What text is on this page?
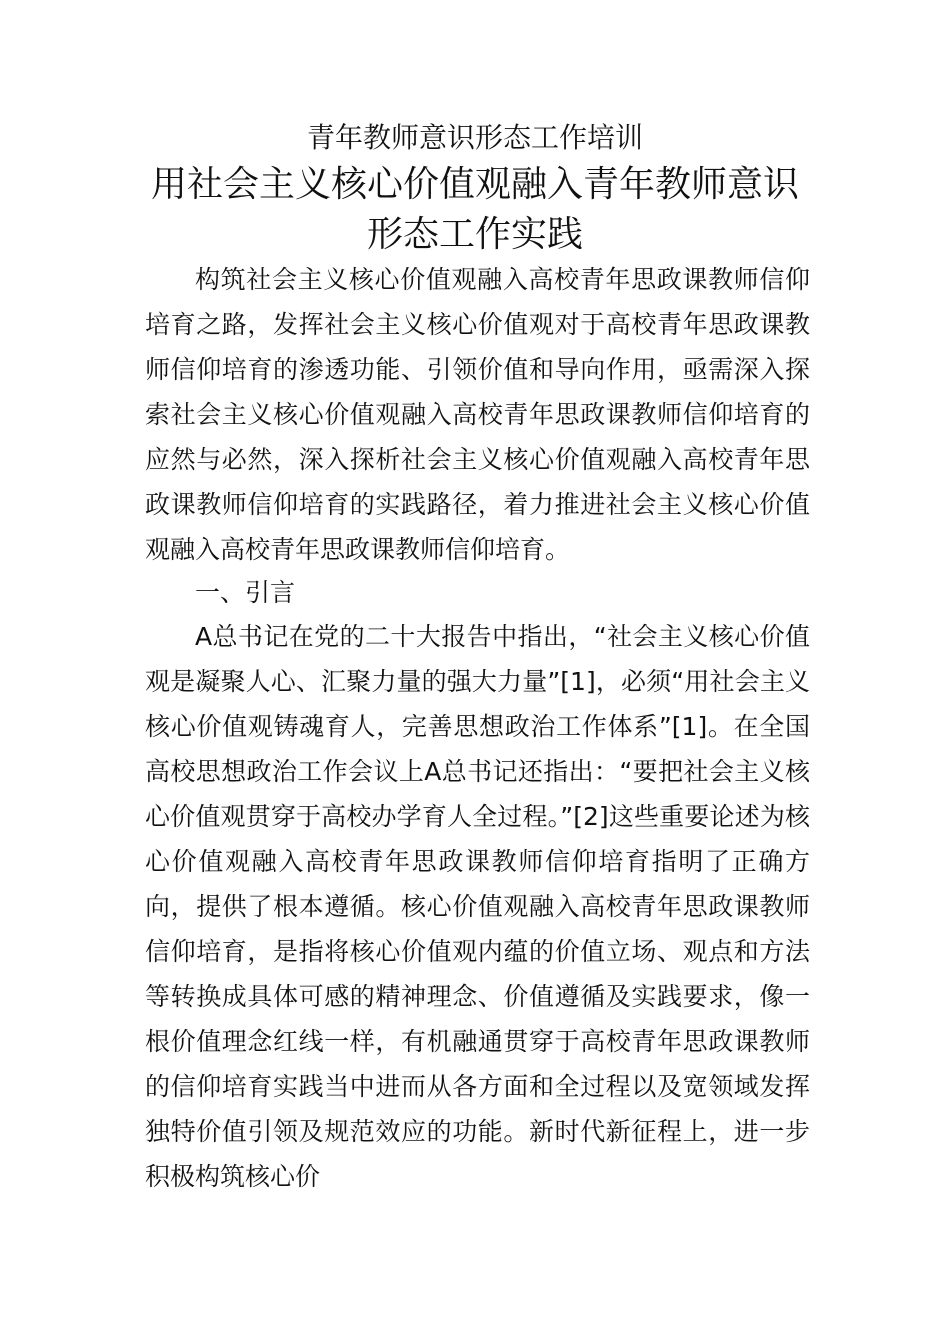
青年教师意识形态工作培训
用社会主义核心价值观融入青年教师意识形态工作实践

构筑社会主义核心价值观融入高校青年思政课教师信仰培育之路，发挥社会主义核心价值观对于高校青年思政课教师信仰培育的渗透功能、引领价值和导向作用，亟需深入探索社会主义核心价值观融入高校青年思政课教师信仰培育的应然与必然，深入探析社会主义核心价值观融入高校青年思政课教师信仰培育的实践路径，着力推进社会主义核心价值观融入高校青年思政课教师信仰培育。

一、引言

A总书记在党的二十大报告中指出，“社会主义核心价值观是凝聚人心、汇聚力量的强大力量”[1]，必须“用社会主义核心价值观铸魂育人，完善思想政治工作体系”[1]。在全国高校思想政治工作会议上A总书记还指出：“要把社会主义核心价值观贯穿于高校办学育人全过程。”[2]这些重要论述为核心价值观融入高校青年思政课教师信仰培育指明了正确方向，提供了根本遵循。核心价值观融入高校青年思政课教师信仰培育，是指将核心价值观内蕴的价值立场、观点和方法等转换成具体可感的精神理念、价值遵循及实践要求，像一根价值理念红线一样，有机融通贯穿于高校青年思政课教师的信仰培育实践当中进而从各方面和全过程以及宽领域发挥独特价值引领及规范效应的功能。新时代新征程上，进一步积极构筑核心价
